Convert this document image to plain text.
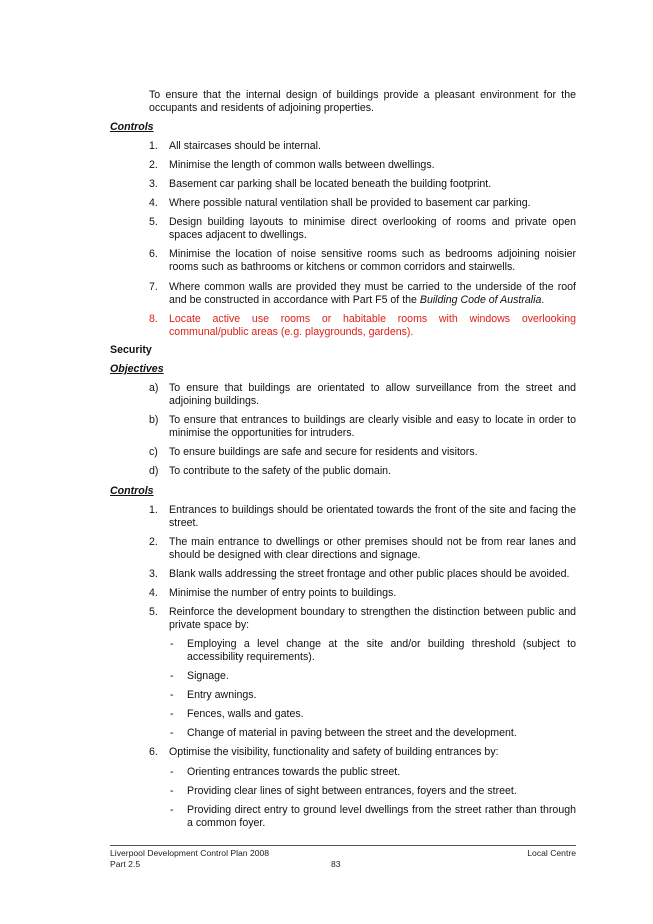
To ensure that the internal design of buildings provide a pleasant environment for the occupants and residents of adjoining properties.
Controls
1.	All staircases should be internal.
2.	Minimise the length of common walls between dwellings.
3.	Basement car parking shall be located beneath the building footprint.
4.	Where possible natural ventilation shall be provided to basement car parking.
5.	Design building layouts to minimise direct overlooking of rooms and private open spaces adjacent to dwellings.
6.	Minimise the location of noise sensitive rooms such as bedrooms adjoining noisier rooms such as bathrooms or kitchens or common corridors and stairwells.
7.	Where common walls are provided they must be carried to the underside of the roof and be constructed in accordance with Part F5 of the Building Code of Australia.
8.	Locate active use rooms or habitable rooms with windows overlooking communal/public areas (e.g. playgrounds, gardens).
Security
Objectives
a) To ensure that buildings are orientated to allow surveillance from the street and adjoining buildings.
b) To ensure that entrances to buildings are clearly visible and easy to locate in order to minimise the opportunities for intruders.
c)	To ensure buildings are safe and secure for residents and visitors.
d) To contribute to the safety of the public domain.
Controls
1.	Entrances to buildings should be orientated towards the front of the site and facing the street.
2.	The main entrance to dwellings or other premises should not be from rear lanes and should be designed with clear directions and signage.
3.	Blank walls addressing the street frontage and other public places should be avoided.
4.	Minimise the number of entry points to buildings.
5.	Reinforce the development boundary to strengthen the distinction between public and private space by:
- Employing a level change at the site and/or building threshold (subject to accessibility requirements).
- Signage.
- Entry awnings.
- Fences, walls and gates.
- Change of material in paving between the street and the development.
6.	Optimise the visibility, functionality and safety of building entrances by:
- Orienting entrances towards the public street.
- Providing clear lines of sight between entrances, foyers and the street.
- Providing direct entry to ground level dwellings from the street rather than through a common foyer.
Liverpool Development Control Plan 2008
Part 2.5	83
Local Centre
